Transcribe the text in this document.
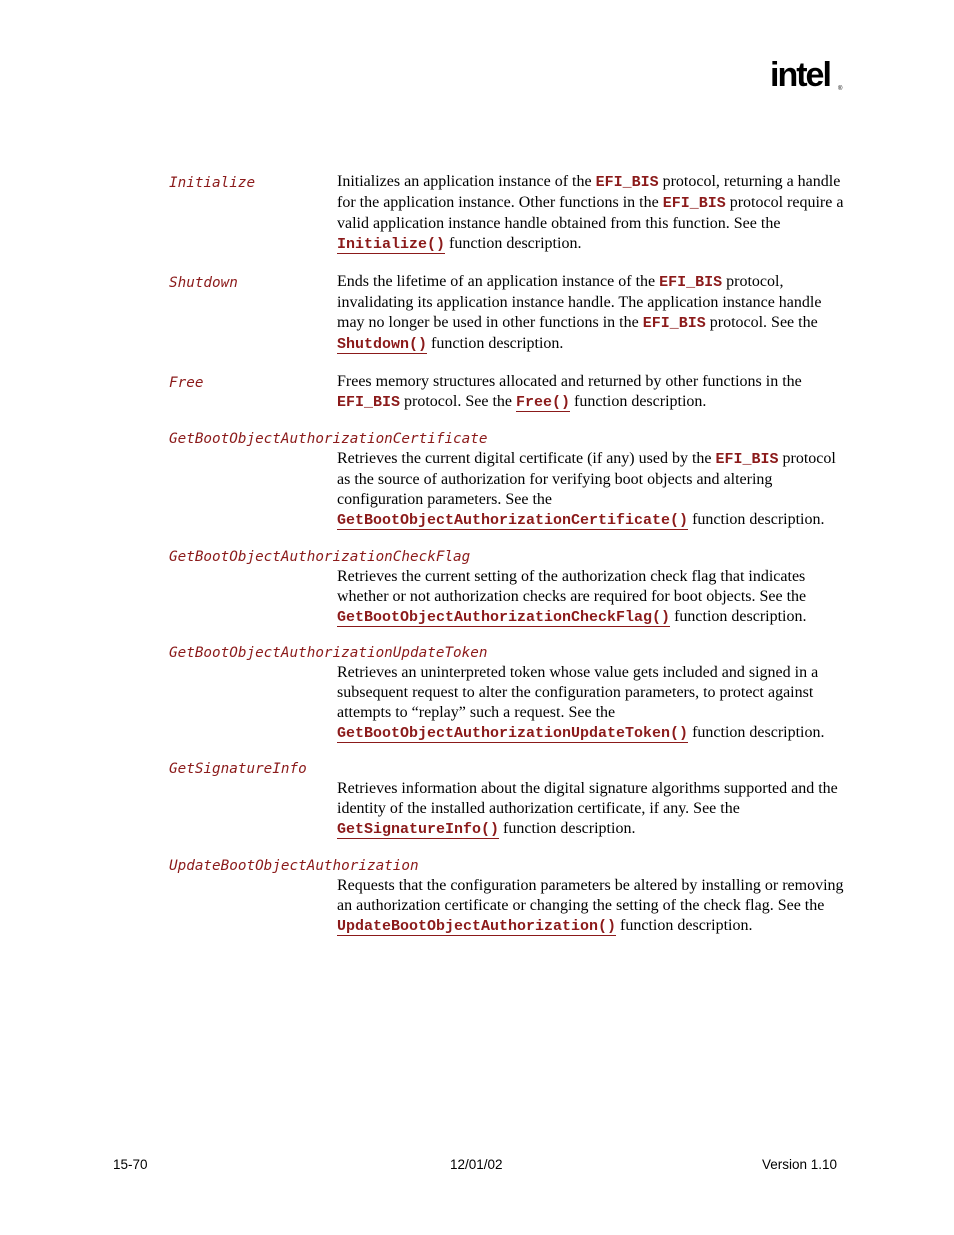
intel ®
Initialize	Initializes an application instance of the EFI_BIS protocol, returning a handle for the application instance. Other functions in the EFI_BIS protocol require a valid application instance handle obtained from this function. See the Initialize() function description.
Shutdown	Ends the lifetime of an application instance of the EFI_BIS protocol, invalidating its application instance handle. The application instance handle may no longer be used in other functions in the EFI_BIS protocol. See the Shutdown() function description.
Free	Frees memory structures allocated and returned by other functions in the EFI_BIS protocol. See the Free() function description.
GetBootObjectAuthorizationCertificate
Retrieves the current digital certificate (if any) used by the EFI_BIS protocol as the source of authorization for verifying boot objects and altering configuration parameters. See the GetBootObjectAuthorizationCertificate() function description.
GetBootObjectAuthorizationCheckFlag
Retrieves the current setting of the authorization check flag that indicates whether or not authorization checks are required for boot objects. See the GetBootObjectAuthorizationCheckFlag() function description.
GetBootObjectAuthorizationUpdateToken
Retrieves an uninterpreted token whose value gets included and signed in a subsequent request to alter the configuration parameters, to protect against attempts to “replay” such a request. See the GetBootObjectAuthorizationUpdateToken() function description.
GetSignatureInfo
Retrieves information about the digital signature algorithms supported and the identity of the installed authorization certificate, if any. See the GetSignatureInfo() function description.
UpdateBootObjectAuthorization
Requests that the configuration parameters be altered by installing or removing an authorization certificate or changing the setting of the check flag. See the UpdateBootObjectAuthorization() function description.
15-70	12/01/02	Version 1.10
